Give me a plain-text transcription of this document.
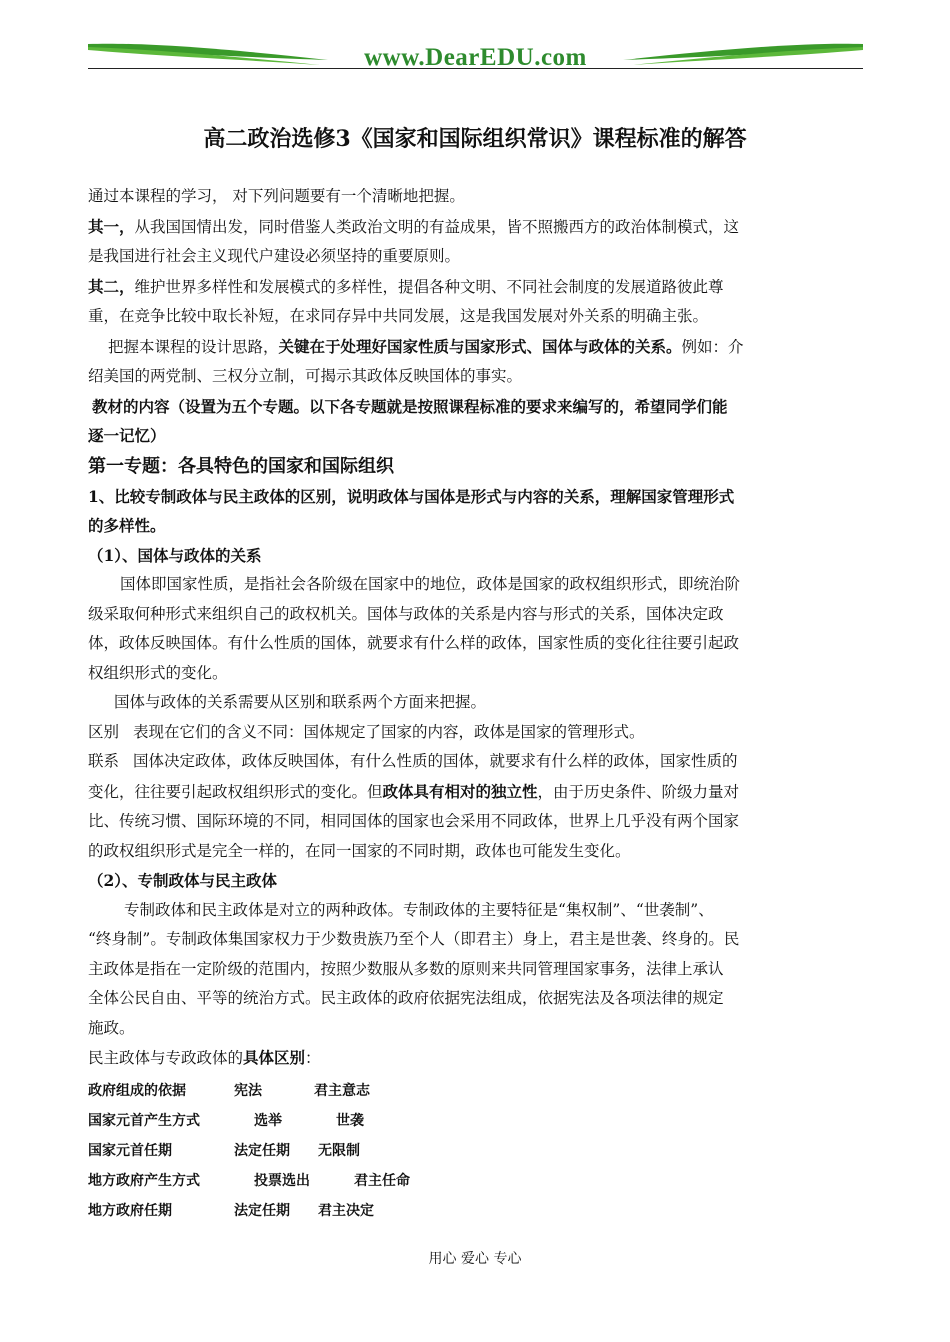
www.DearEDU.com
高二政治选修3《国家和国际组织常识》课程标准的解答
通过本课程的学习， 对下列问题要有一个清晰地把握。
其一，从我国国情出发，同时借鉴人类政治文明的有益成果，皆不照搬西方的政治体制模式，这
是我国进行社会主义现代户建设必须坚持的重要原则。
其二，维护世界多样性和发展模式的多样性，提倡各种文明、不同社会制度的发展道路彼此尊
重，在竞争比较中取长补短，在求同存异中共同发展，这是我国发展对外关系的明确主张。
把握本课程的设计思路，关键在于处理好国家性质与国家形式、国体与政体的关系。例如：介
绍美国的两党制、三权分立制，可揭示其政体反映国体的事实。
教材的内容（设置为五个专题。以下各专题就是按照课程标准的要求来编写的，希望同学们能
逐一记忆）
第一专题：各具特色的国家和国际组织
1、比较专制政体与民主政体的区别，说明政体与国体是形式与内容的关系，理解国家管理形式
的多样性。
（1）、国体与政体的关系
国体即国家性质，是指社会各阶级在国家中的地位，政体是国家的政权组织形式，即统治阶
级采取何种形式来组织自己的政权机关。国体与政体的关系是内容与形式的关系，国体决定政
体，政体反映国体。有什么性质的国体，就要求有什么样的政体，国家性质的变化往往要引起政
权组织形式的变化。
国体与政体的关系需要从区别和联系两个方面来把握。
区别 表现在它们的含义不同：国体规定了国家的内容，政体是国家的管理形式。
联系 国体决定政体，政体反映国体，有什么性质的国体，就要求有什么样的政体，国家性质的
变化，往往要引起政权组织形式的变化。但政体具有相对的独立性，由于历史条件、阶级力量对
比、传统习惯、国际环境的不同，相同国体的国家也会采用不同政体，世界上几乎没有两个国家
的政权组织形式是完全一样的，在同一国家的不同时期，政体也可能发生变化。
（2）、专制政体与民主政体
专制政体和民主政体是对立的两种政体。专制政体的主要特征是“集权制”、“世袭制”、
“终身制”。专制政体集国家权力于少数贵族乃至个人（即君主）身上，君主是世袭、终身的。民
主政体是指在一定阶级的范围内，按照少数服从多数的原则来共同管理国家事务，法律上承认
全体公民自由、平等的统治方式。民主政体的政府依据宪法组成，依据宪法及各项法律的规定
施政。
民主政体与专政政体的具体区别：
政府组成的依据	宪法	君主意志
国家元首产生方式	选举	世袭
国家元首任期	法定任期 无限制
地方政府产生方式	投票选出	君主任命
地方政府任期	法定任期 君主决定
用心 爱心 专心
